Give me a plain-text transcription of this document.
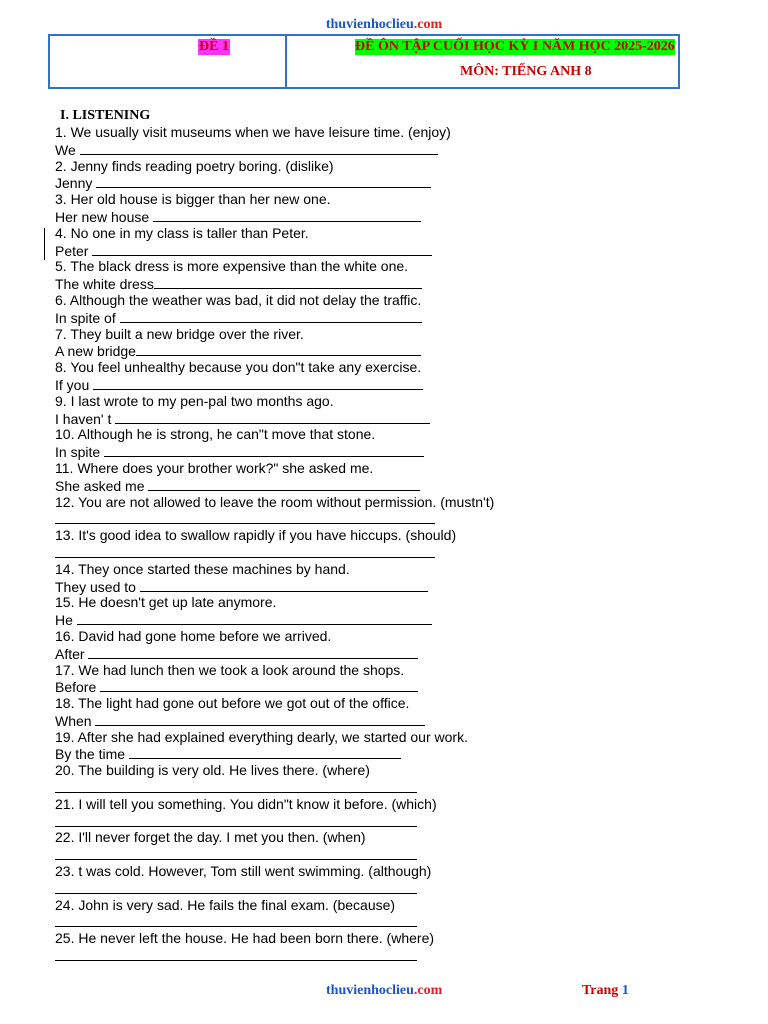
thuvienhoclieu.com
ĐỀ 1	ĐỀ ÔN TẬP CUỐI HỌC KỲ I NĂM HỌC 2025-2026
MÔN: TIẾNG ANH 8
I. LISTENING
1. We usually visit museums when we have leisure time. (enjoy)
We
2. Jenny finds reading poetry boring. (dislike)
Jenny
3. Her old house is bigger than her new one.
Her new house
4. No one in my class is taller than Peter.
Peter
5. The black dress is more expensive than the white one.
The white dress
6. Although the weather was bad, it did not delay the traffic.
In spite of
7. They built a new bridge over the river.
A new bridge
8. You feel unhealthy because you don"t take any exercise.
If you
9. I last wrote to my pen-pal two months ago.
I haven' t
10. Although he is strong, he can"t move that stone.
In spite
11. Where does your brother work?" she asked me.
She asked me
12. You are not allowed to leave the room without permission. (mustn't)
13. It's good idea to swallow rapidly if you have hiccups. (should)
14. They once started these machines by hand.
They used to
15. He doesn't get up late anymore.
He
16. David had gone home before we arrived.
After
17. We had lunch then we took a look around the shops.
Before
18. The light had gone out before we got out of the office.
When
19. After she had explained everything dearly, we started our work.
By the time
20. The building is very old. He lives there. (where)
21. I will tell you something. You didn"t know it before. (which)
22. I'll never forget the day. I met you then. (when)
23. t was cold. However, Tom still went swimming. (although)
24. John is very sad. He fails the final exam. (because)
25. He never left the house. He had been born there. (where)
thuvienhoclieu.com	Trang 1
